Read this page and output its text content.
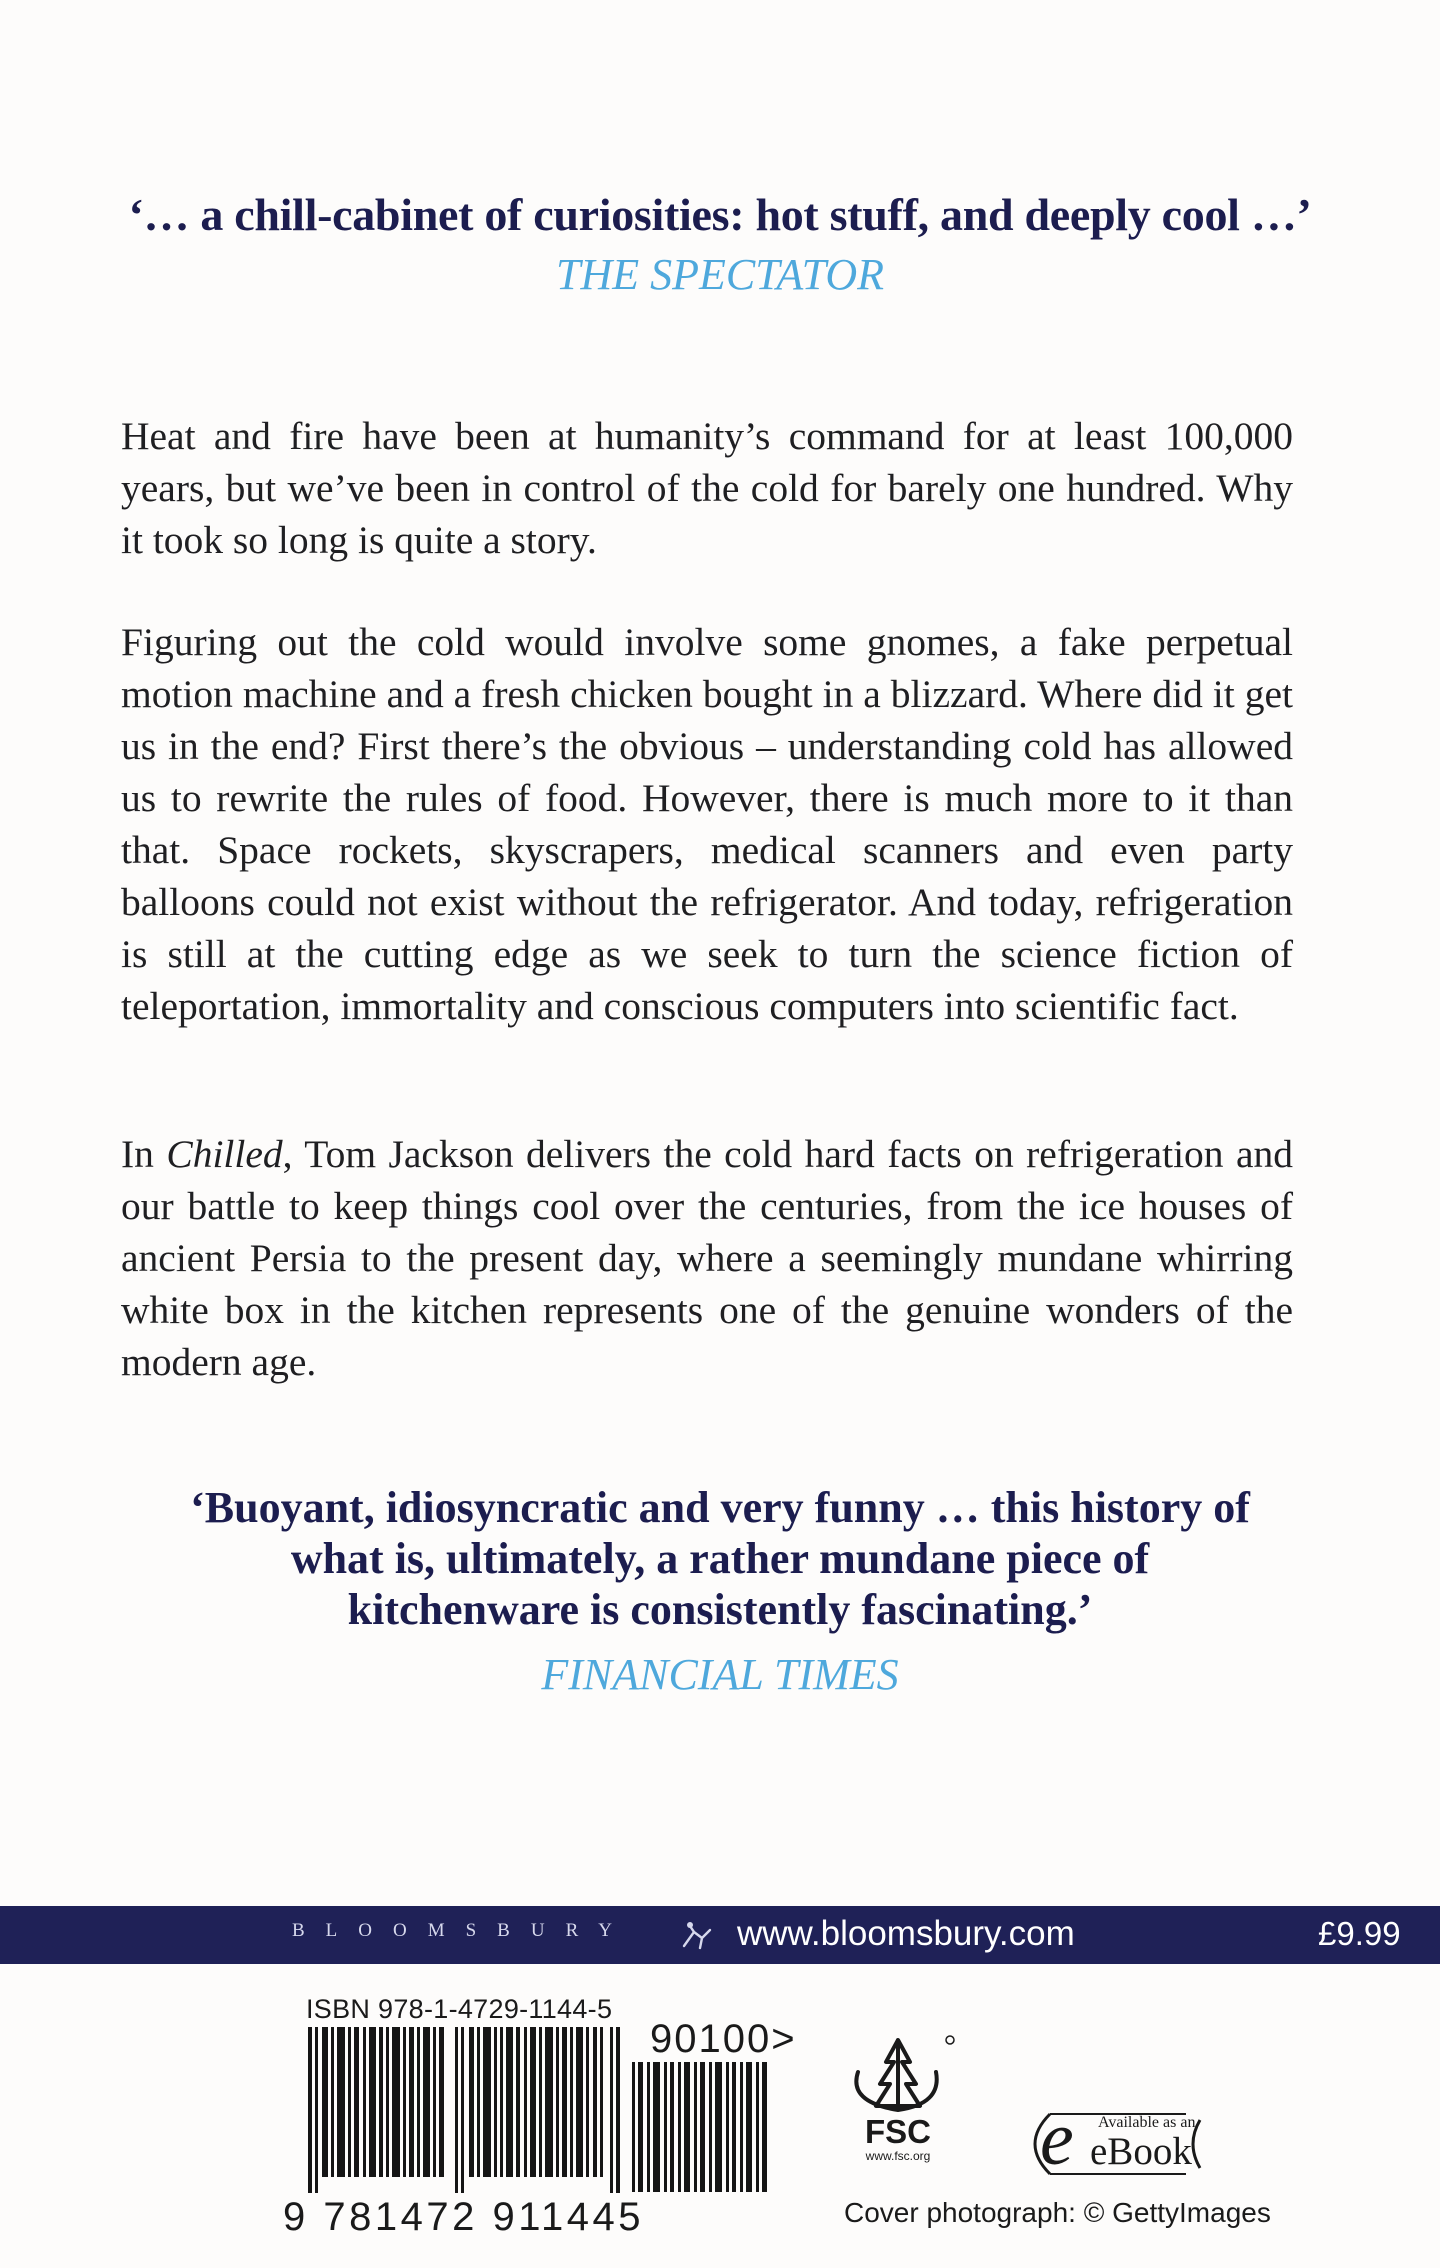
‘… a chill-cabinet of curiosities: hot stuff, and deeply cool …’

THE SPECTATOR

Heat and fire have been at humanity’s command for at least 100,000 years, but we’ve been in control of the cold for barely one hundred. Why it took so long is quite a story.

Figuring out the cold would involve some gnomes, a fake perpetual motion machine and a fresh chicken bought in a blizzard. Where did it get us in the end? First there’s the obvious – understanding cold has allowed us to rewrite the rules of food. However, there is much more to it than that. Space rockets, skyscrapers, medical scanners and even party balloons could not exist without the refrigerator. And today, refrigeration is still at the cutting edge as we seek to turn the science fiction of teleportation, immortality and conscious computers into scientific fact.

In Chilled, Tom Jackson delivers the cold hard facts on refrigeration and our battle to keep things cool over the centuries, from the ice houses of ancient Persia to the present day, where a seemingly mundane whirring white box in the kitchen represents one of the genuine wonders of the modern age.

‘Buoyant, idiosyncratic and very funny … this history of
what is, ultimately, a rather mundane piece of
kitchenware is consistently fascinating.’

FINANCIAL TIMES

BLOOMSBURY	www.bloomsbury.com	£9.99
ISBN 978-1-4729-1144-5
90100>
9 781472 911445
FSC
www.fsc.org e Available as an
eBook
Cover photograph: © GettyImages
